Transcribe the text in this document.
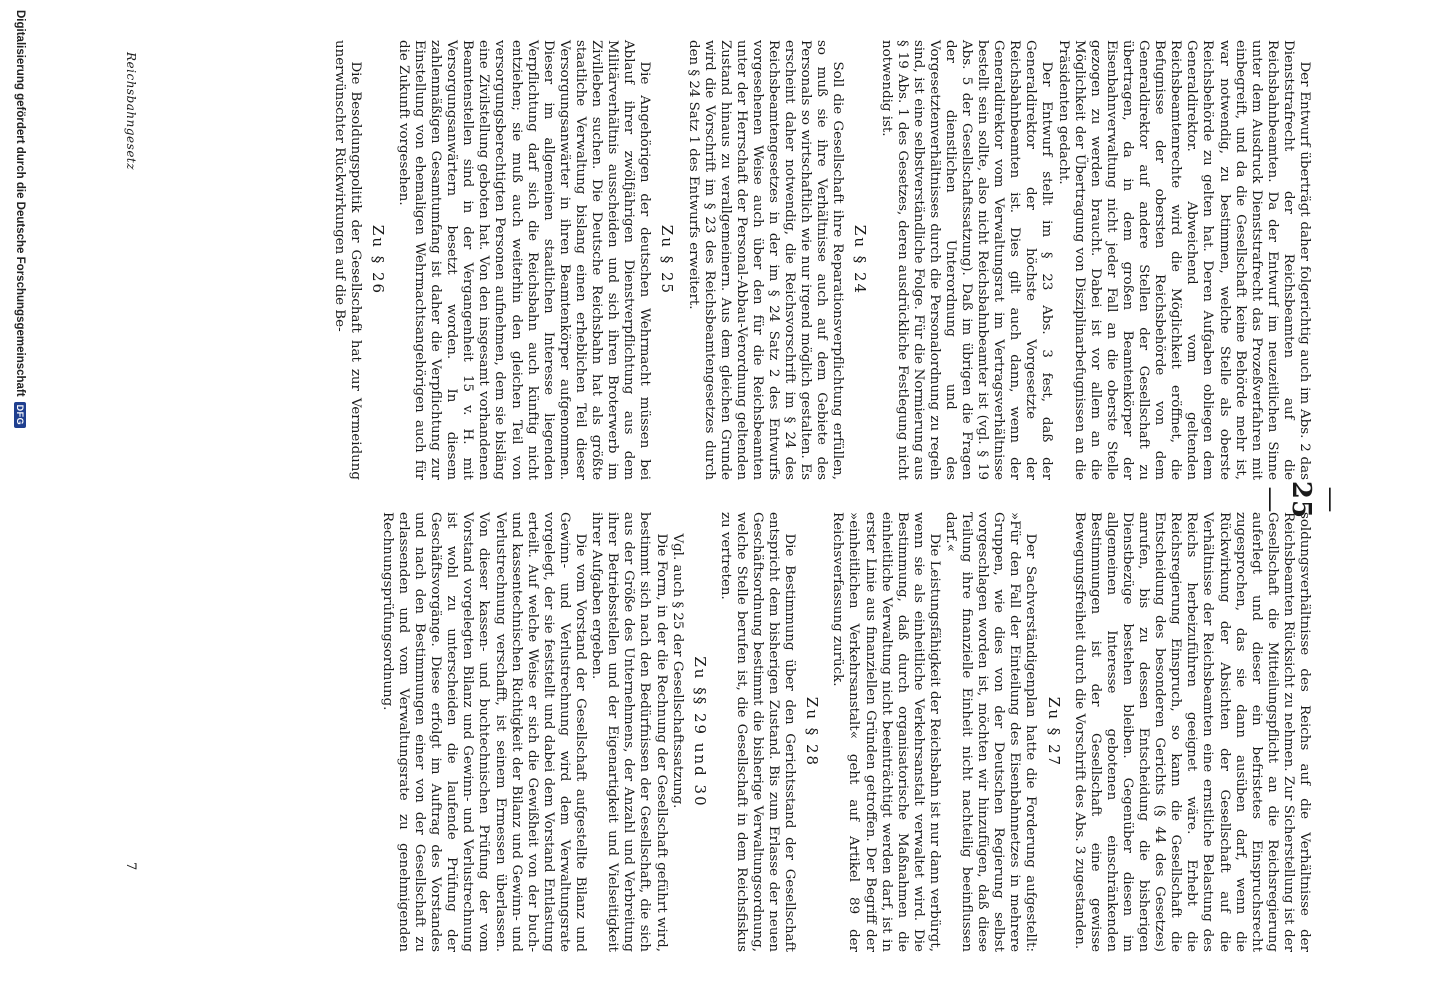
—25—

Der Entwurf überträgt daher folgerichtig auch im Abs. 2 das Dienststrafrecht der Reichsbeamten auf die Reichsbahnbeamten. Da der Entwurf im neuzeitlichen Sinne unter dem Ausdruck Dienststrafrecht das Prozeßverfahren mit einbegreift, und da die Gesellschaft keine Behörde mehr ist, war notwendig, zu bestimmen, welche Stelle als oberste Reichsbehörde zu gelten hat. Deren Aufgaben obliegen dem Generaldirektor. Abweichend vom geltenden Reichsbeamtenrechte wird die Möglichkeit eröffnet, die Befugnisse der obersten Reichsbehörde von dem Generaldirektor auf andere Stellen der Gesellschaft zu übertragen, da in dem großen Beamtenkörper der Eisenbahnverwaltung nicht jeder Fall an die oberste Stelle gezogen zu werden braucht. Dabei ist vor allem an die Möglichkeit der Übertragung von Disziplinarbefugnissen an die Präsidenten gedacht.

Der Entwurf stellt im § 23 Abs. 3 fest, daß der Generaldirektor der höchste Vorgesetzte der Reichsbahnbeamten ist. Dies gilt auch dann, wenn der Generaldirektor vom Verwaltungsrat im Vertragsverhältnisse bestellt sein sollte, also nicht Reichsbahnbeamter ist (vgl. § 19 Abs. 5 der Gesellschaftssatzung). Daß im übrigen die Fragen der dienstlichen Unterordnung und des Vorgesetztenverhältnisses durch die Personalordnung zu regeln sind, ist eine selbstverständliche Folge. Für die Normierung aus § 19 Abs. 1 des Gesetzes, deren ausdrückliche Festlegung nicht notwendig ist.

Zu § 24

Soll die Gesellschaft ihre Reparationsverpflichtung erfüllen, so muß sie ihre Verhältnisse auch auf dem Gebiete des Personals so wirtschaftlich wie nur irgend möglich gestalten. Es erscheint daher notwendig, die Reichsvorschrift im § 24 des Reichsbeamtengesetzes in der im § 24 Satz 2 des Entwurfs vorgesehenen Weise auch über den für die Reichsbeamten unter der Herrschaft der Personal-Abbau-Verordnung geltenden Zustand hinaus zu verallgemeinern. Aus dem gleichen Grunde wird die Vorschrift im § 23 des Reichsbeamtengesetzes durch den § 24 Satz 1 des Entwurfs erweitert.

Zu § 25

Die Angehörigen der deutschen Wehrmacht müssen bei Ablauf ihrer zwölfjährigen Dienstverpflichtung aus dem Militärverhältnis ausscheiden und sich ihren Broterwerb im Zivilleben suchen. Die Deutsche Reichsbahn hat als größte staatliche Verwaltung bislang einen erheblichen Teil dieser Versorgungsanwärter in ihren Beamtenkörper aufgenommen. Dieser im allgemeinen staatlichen Interesse liegenden Verpflichtung darf sich die Reichsbahn auch künftig nicht entziehen; sie muß auch weiterhin den gleichen Teil von versorgungsberechtigten Personen aufnehmen, dem sie bisläng eine Zivilstellung geboten hat. Von den insgesamt vorhandenen Beamtenstellen sind in der Vergangenheit 15 v. H. mit Versorgungsanwärtern besetzt worden. In diesem zahlenmäßigen Gesamtumfang ist daher die Verpflichtung zur Einstellung von ehemaligen Wehrmachtsangehörigen auch für die Zukunft vorgesehen.

Zu § 26

Die Besoldungspolitik der Gesellschaft hat zur Vermeidung unerwünschter Rückwirkungen auf die Be-

soldungsverhältnisse des Reichs auf die Verhältnisse der Reichsbeamten Rücksicht zu nehmen. Zur Sicherstellung ist der Gesellschaft die Mitteilungspflicht an die Reichsregierung auferlegt und dieser ein befristetes Einspruchsrecht zugesprochen, das sie dann ausüben darf, wenn die Rückwirkung der Absichten der Gesellschaft auf die Verhältnisse der Reichsbeamten eine ernstliche Belastung des Reichs herbeizuführen geeignet wäre. Erhebt die Reichsregierung Einspruch, so kann die Gesellschaft die Entscheidung des besonderen Gerichts (§ 44 des Gesetzes) anrufen, bis zu dessen Entscheidung die bisherigen Dienstbezüge bestehen bleiben. Gegenüber diesen im allgemeinen Interesse gebotenen einschränkenden Bestimmungen ist der Gesellschaft eine gewisse Bewegungsfreiheit durch die Vorschrift des Abs. 3 zugestanden.

Zu § 27

Der Sachverständigenplan hatte die Forderung aufgestellt: »Für den Fall der Einteilung des Eisenbahnnetzes in mehrere Gruppen, wie dies von der Deutschen Regierung selbst vorgeschlagen worden ist, möchten wir hinzufügen, daß diese Teilung ihre finanzielle Einheit nicht nachteilig beeinflussen darf.«

Die Leistungsfähigkeit der Reichsbahn ist nur dann verbürgt, wenn sie als einheitliche Verkehrsanstalt verwaltet wird. Die Bestimmung, daß durch organisatorische Maßnahmen die einheitliche Verwaltung nicht beeinträchtigt werden darf, ist in erster Linie aus finanziellen Gründen getroffen. Der Begriff der »einheitlichen Verkehrsanstalt« geht auf Artikel 89 der Reichsverfassung zurück.

Zu § 28

Die Bestimmung über den Gerichtsstand der Gesellschaft entspricht dem bisherigen Zustand. Bis zum Erlasse der neuen Geschäftsordnung bestimmt die bisherige Verwaltungsordnung, welche Stelle berufen ist, die Gesellschaft in dem Reichsfiskus zu vertreten.

Zu §§ 29 und 30

Vgl. auch § 25 der Gesellschaftssatzung.

Die Form, in der die Rechnung der Gesellschaft geführt wird, bestimmt sich nach den Bedürfnissen der Gesellschaft, die sich aus der Größe des Unternehmens, der Anzahl und Verbreitung ihrer Betriebsstellen und der Eigenartigkeit und Vielseitigkeit ihrer Aufgaben ergeben.

Die vom Vorstand der Gesellschaft aufgestellte Bilanz und Gewinn- und Verlustrechnung wird dem Verwaltungsrate vorgelegt, der sie feststellt und dabei dem Vorstand Entlastung erteilt. Auf welche Weise er sich die Gewißheit von der buch- und kassentechnischen Richtigkeit der Bilanz und Gewinn- und Verlustrechnung verschafft, ist seinem Ermessen überlassen. Von dieser kassen- und buchtechnischen Prüfung der vom Vorstand vorgelegten Bilanz und Gewinn- und Verlustrechnung ist wohl zu unterscheiden die laufende Prüfung der Geschäftsvorgänge. Diese erfolgt im Auftrag des Vorstandes und nach den Bestimmungen einer von der Gesellschaft zu erlassenden und vom Verwaltungsrate zu genehmigenden Rechnungsprüfungsordnung.

Reichsbahngesetz
7
Digitalisierung gefördert durch die Deutsche Forschungsgemeinschaft
DFG
